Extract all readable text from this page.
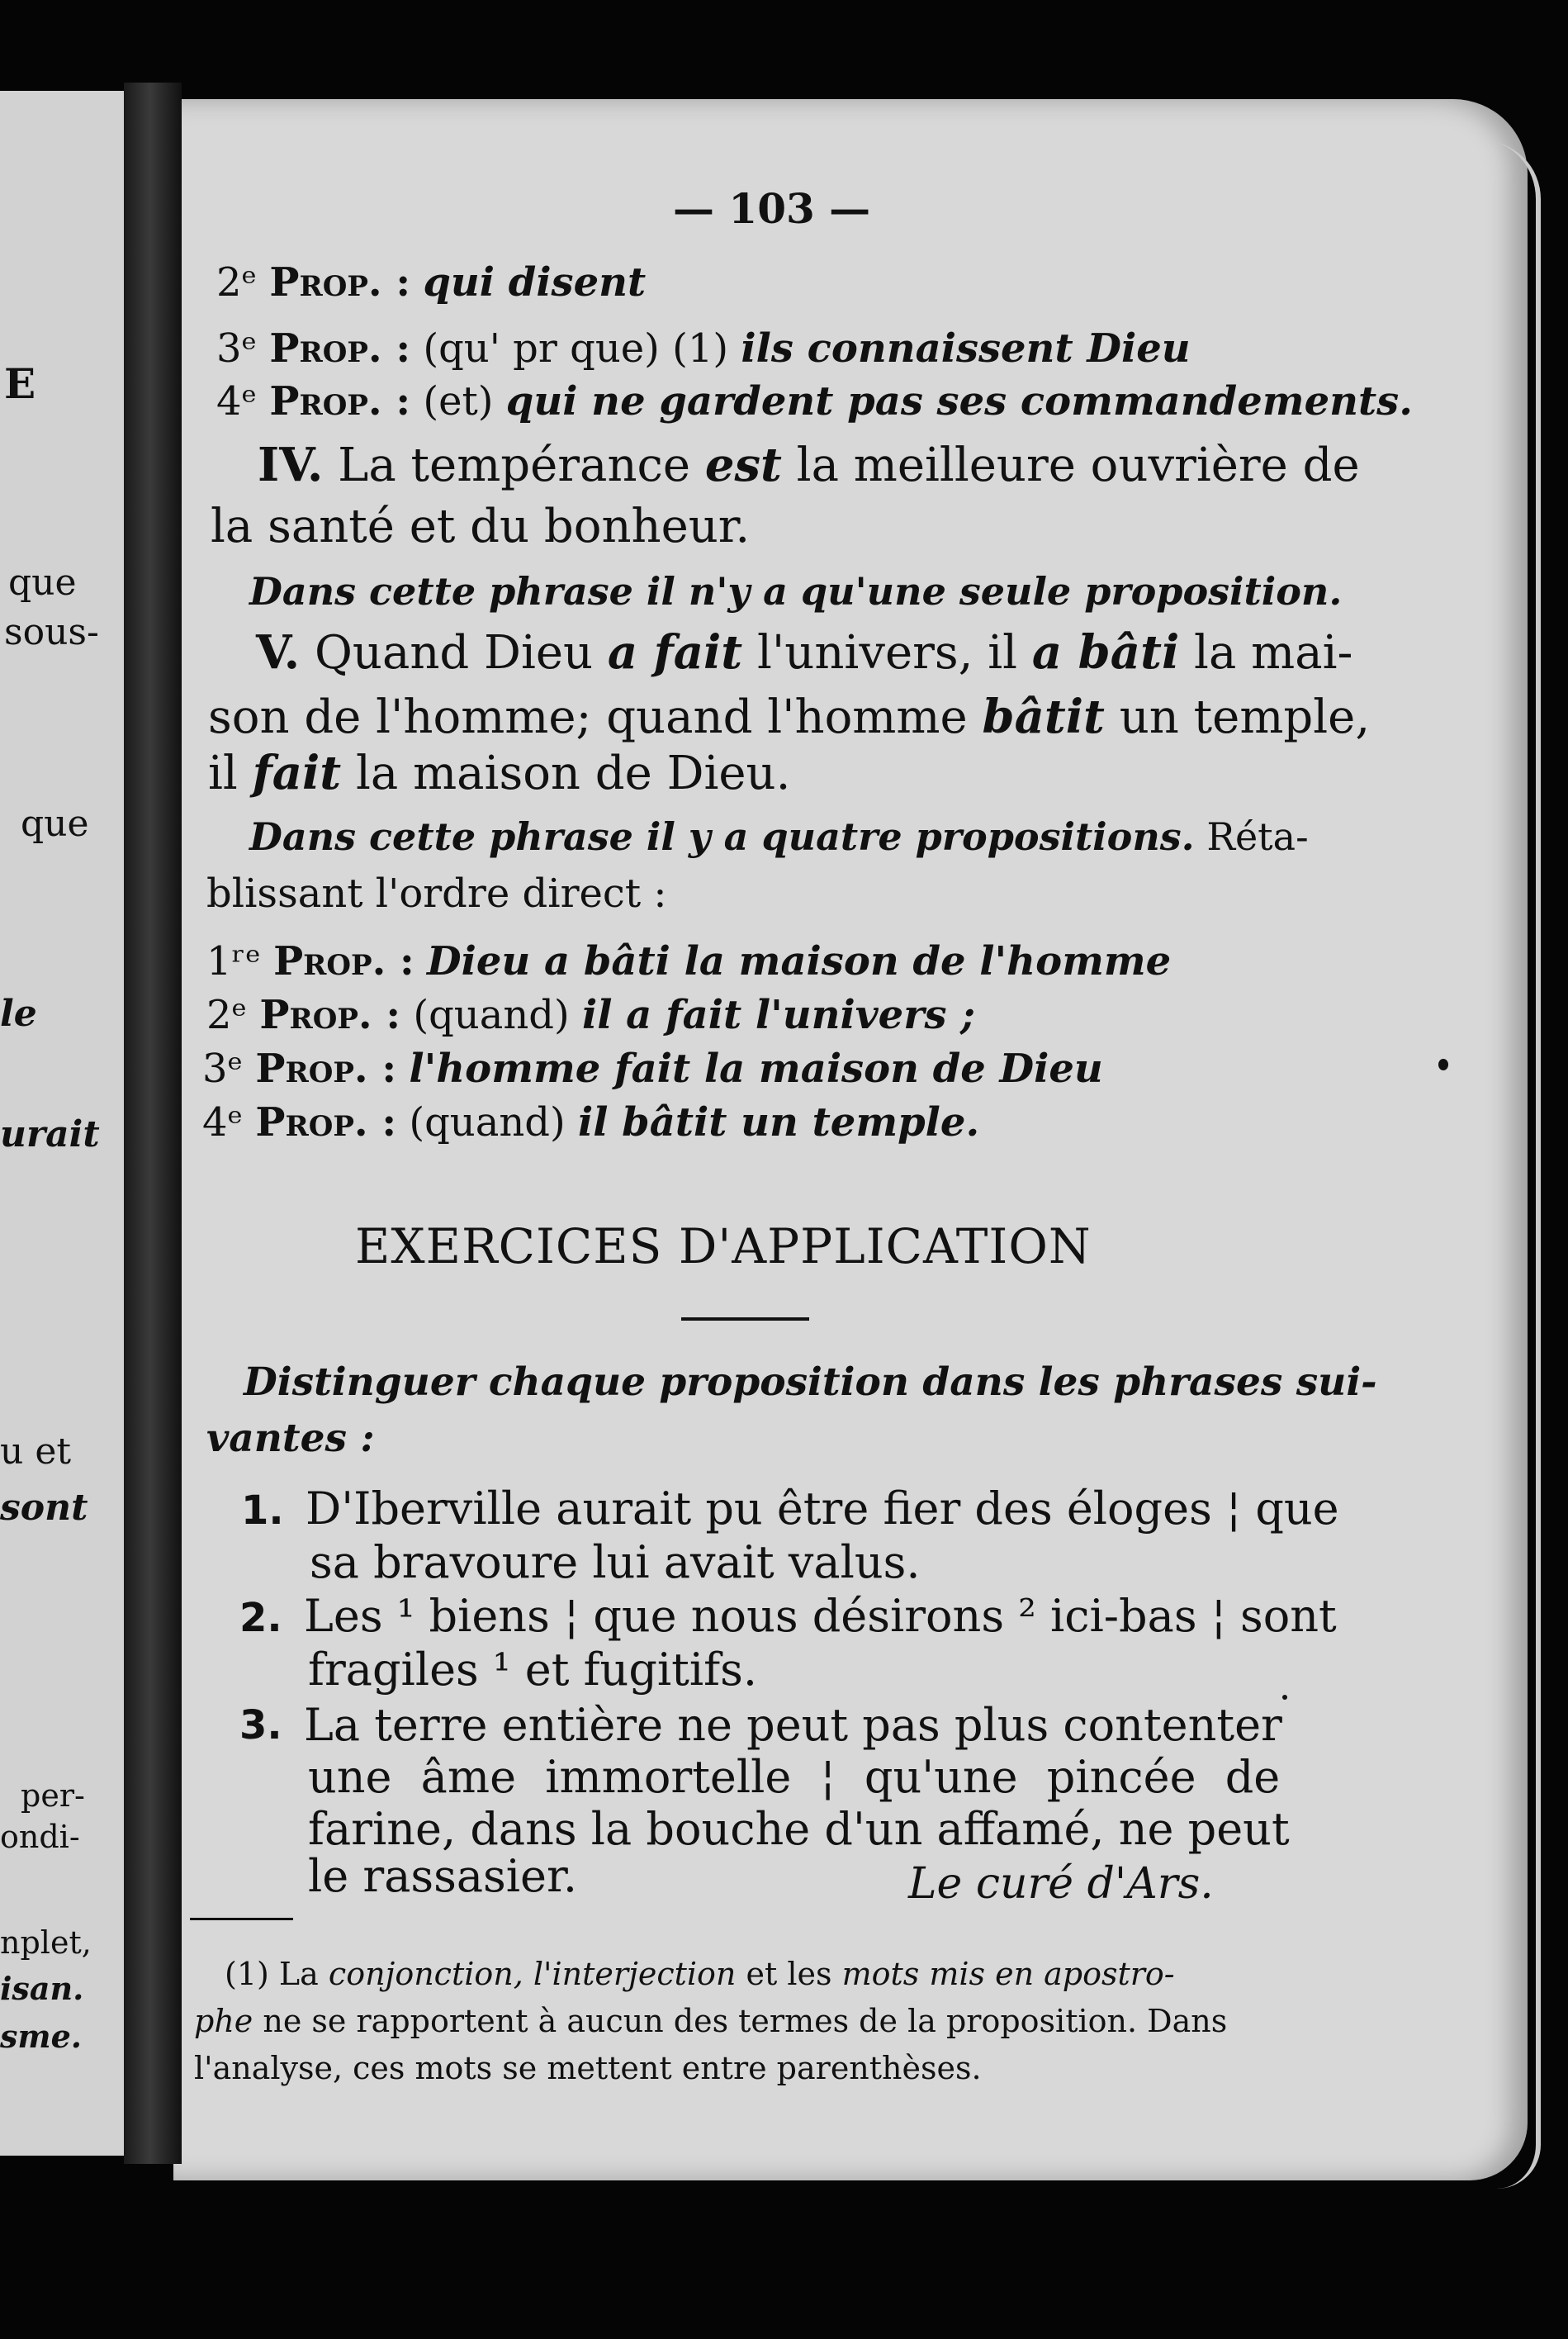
E
que
sous-
que
le
urait
u et
sont
per-
ondi-
nplet,
isan.
sme.
— 103 —
2ᵉ Prop. : qui disent
3ᵉ Prop. : (qu' pr que) (1) ils connaissent Dieu
4ᵉ Prop. : (et) qui ne gardent pas ses commandements.
IV. La tempérance est la meilleure ouvrière de
la santé et du bonheur.
Dans cette phrase il n'y a qu'une seule proposition.
V. Quand Dieu a fait l'univers, il a bâti la mai-
son de l'homme; quand l'homme bâtit un temple,
il fait la maison de Dieu.
Dans cette phrase il y a quatre propositions. Réta-
blissant l'ordre direct :
1ʳᵉ Prop. : Dieu a bâti la maison de l'homme
2ᵉ Prop. : (quand) il a fait l'univers ;
3ᵉ Prop. : l'homme fait la maison de Dieu
4ᵉ Prop. : (quand) il bâtit un temple.
EXERCICES D'APPLICATION
Distinguer chaque proposition dans les phrases sui-
vantes :
1. D'Iberville aurait pu être fier des éloges ¦ que
sa bravoure lui avait valus.
2. Les ¹ biens ¦ que nous désirons ² ici-bas ¦ sont
fragiles ¹ et fugitifs.
3. La terre entière ne peut pas plus contenter
une âme immortelle ¦ qu'une pincée de
farine, dans la bouche d'un affamé, ne peut
le rassasier.	Le curé d'Ars.
(1) La conjonction, l'interjection et les mots mis en apostro-
phe ne se rapportent à aucun des termes de la proposition. Dans
l'analyse, ces mots se mettent entre parenthèses.
